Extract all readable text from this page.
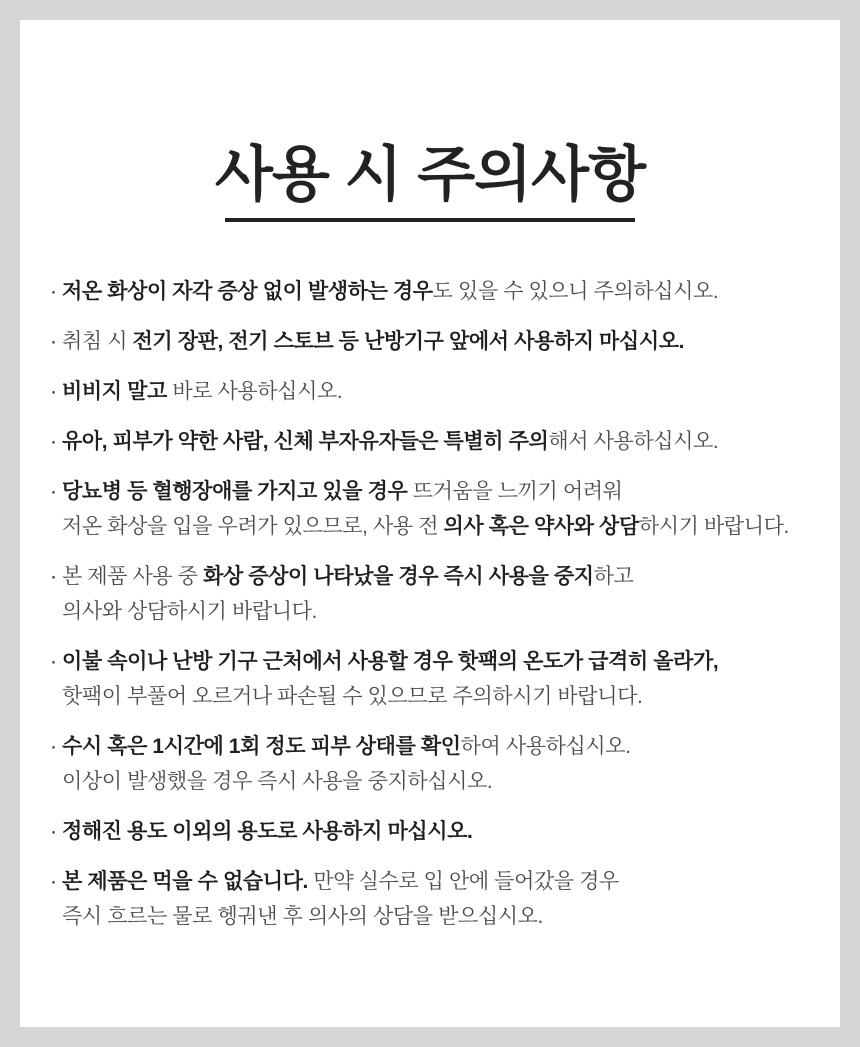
사용 시 주의사항
· 저온 화상이 자각 증상 없이 발생하는 경우도 있을 수 있으니 주의하십시오.
· 취침 시 전기 장판, 전기 스토브 등 난방기구 앞에서 사용하지 마십시오.
· 비비지 말고 바로 사용하십시오.
· 유아, 피부가 약한 사람, 신체 부자유자들은 특별히 주의해서 사용하십시오.
· 당뇨병 등 혈행장애를 가지고 있을 경우 뜨거움을 느끼기 어려워
저온 화상을 입을 우려가 있으므로, 사용 전 의사 혹은 약사와 상담하시기 바랍니다.
· 본 제품 사용 중 화상 증상이 나타났을 경우 즉시 사용을 중지하고
의사와 상담하시기 바랍니다.
· 이불 속이나 난방 기구 근처에서 사용할 경우 핫팩의 온도가 급격히 올라가,
핫팩이 부풀어 오르거나 파손될 수 있으므로 주의하시기 바랍니다.
· 수시 혹은 1시간에 1회 정도 피부 상태를 확인하여 사용하십시오.
이상이 발생했을 경우 즉시 사용을 중지하십시오.
· 정해진 용도 이외의 용도로 사용하지 마십시오.
· 본 제품은 먹을 수 없습니다. 만약 실수로 입 안에 들어갔을 경우
즉시 흐르는 물로 헹궈낸 후 의사의 상담을 받으십시오.
